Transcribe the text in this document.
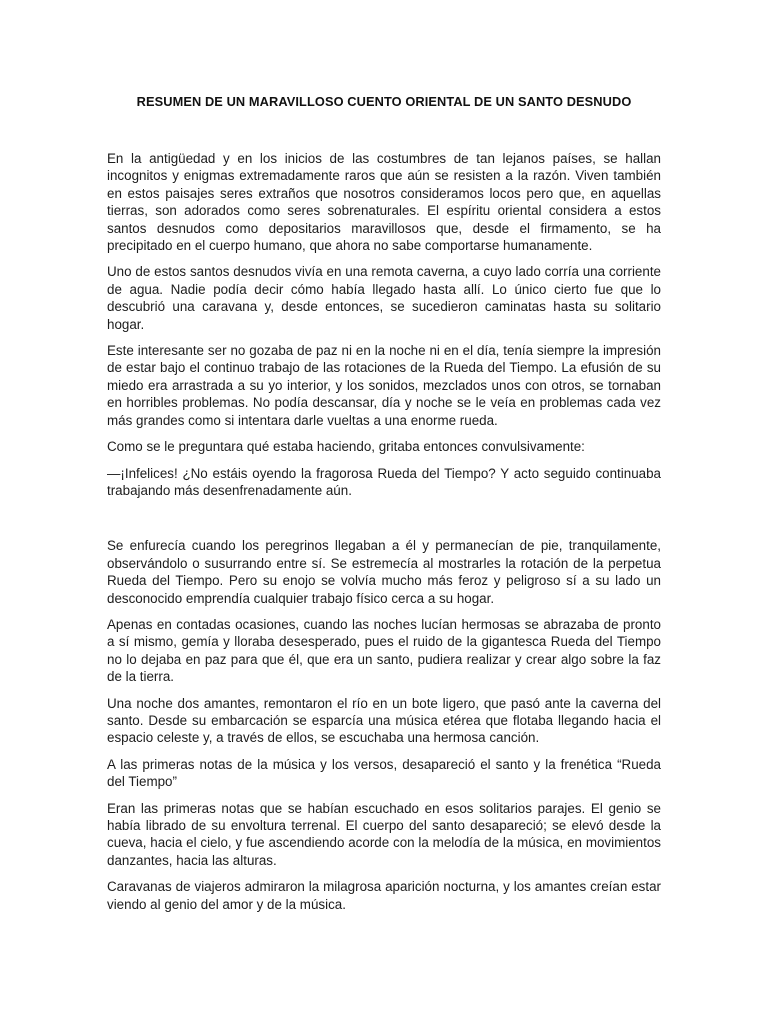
RESUMEN DE UN MARAVILLOSO CUENTO ORIENTAL DE UN SANTO DESNUDO

En la antigüedad y en los inicios de las costumbres de tan lejanos países, se hallan incognitos y enigmas extremadamente raros que aún se resisten a la razón. Viven también en estos paisajes seres extraños que nosotros consideramos locos pero que, en aquellas tierras, son adorados como seres sobrenaturales. El espíritu oriental considera a estos santos desnudos como depositarios maravillosos que, desde el firmamento, se ha precipitado en el cuerpo humano, que ahora no sabe comportarse humanamente.

Uno de estos santos desnudos vivía en una remota caverna, a cuyo lado corría una corriente de agua. Nadie podía decir cómo había llegado hasta allí. Lo único cierto fue que lo descubrió una caravana y, desde entonces, se sucedieron caminatas hasta su solitario hogar.

Este interesante ser no gozaba de paz ni en la noche ni en el día, tenía siempre la impresión de estar bajo el continuo trabajo de las rotaciones de la Rueda del Tiempo. La efusión de su miedo era arrastrada a su yo interior, y los sonidos, mezclados unos con otros, se tornaban en horribles problemas. No podía descansar, día y noche se le veía en problemas cada vez más grandes como si intentara darle vueltas a una enorme rueda.

Como se le preguntara qué estaba haciendo, gritaba entonces convulsivamente:

—¡Infelices! ¿No estáis oyendo la fragorosa Rueda del Tiempo? Y acto seguido continuaba trabajando más desenfrenadamente aún.

Se enfurecía cuando los peregrinos llegaban a él y permanecían de pie, tranquilamente, observándolo o susurrando entre sí. Se estremecía al mostrarles la rotación de la perpetua Rueda del Tiempo. Pero su enojo se volvía mucho más feroz y peligroso sí a su lado un desconocido emprendía cualquier trabajo físico cerca a su hogar.

Apenas en contadas ocasiones, cuando las noches lucían hermosas se abrazaba de pronto a sí mismo, gemía y lloraba desesperado, pues el ruido de la gigantesca Rueda del Tiempo no lo dejaba en paz para que él, que era un santo, pudiera realizar y crear algo sobre la faz de la tierra.

Una noche dos amantes, remontaron el río en un bote ligero, que pasó ante la caverna del santo. Desde su embarcación se esparcía una música etérea que flotaba llegando hacia el espacio celeste y, a través de ellos, se escuchaba una hermosa canción.

A las primeras notas de la música y los versos, desapareció el santo y la frenética “Rueda del Tiempo”

Eran las primeras notas que se habían escuchado en esos solitarios parajes. El genio se había librado de su envoltura terrenal. El cuerpo del santo desapareció; se elevó desde la cueva, hacia el cielo, y fue ascendiendo acorde con la melodía de la música, en movimientos danzantes, hacia las alturas.

Caravanas de viajeros admiraron la milagrosa aparición nocturna, y los amantes creían estar viendo al genio del amor y de la música.
